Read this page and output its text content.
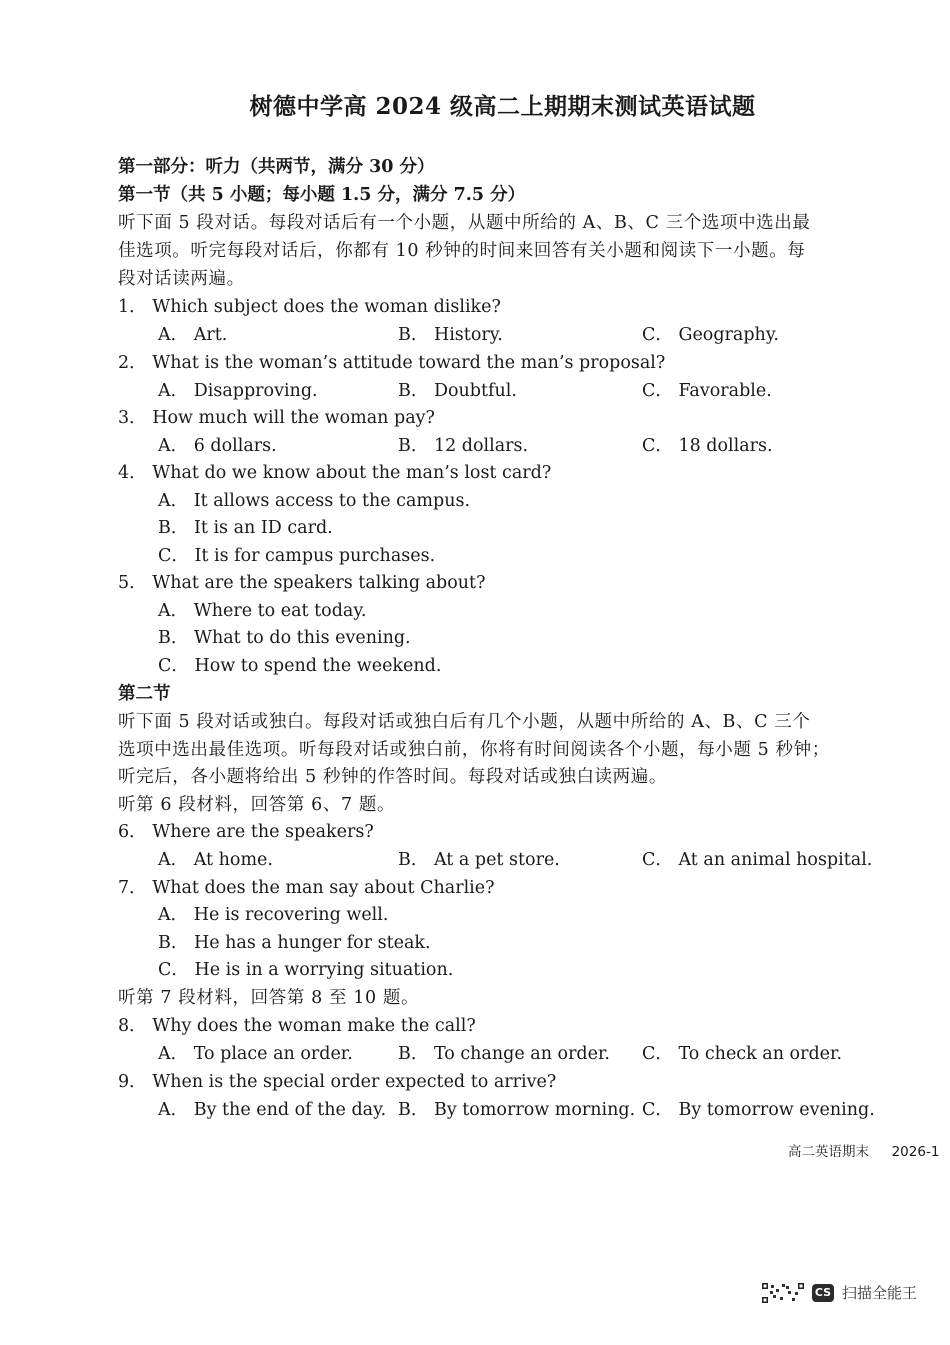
树德中学高 2024 级高二上期期末测试英语试题
第一部分：听力（共两节，满分 30 分）
第一节（共 5 小题；每小题 1.5 分，满分 7.5 分）
听下面 5 段对话。每段对话后有一个小题，从题中所给的 A、B、C 三个选项中选出最
佳选项。听完每段对话后，你都有 10 秒钟的时间来回答有关小题和阅读下一小题。每
段对话读两遍。
1． Which subject does the woman dislike?
A． Art.	B． History.	C． Geography.
2． What is the woman’s attitude toward the man’s proposal?
A． Disapproving.	B． Doubtful.	C． Favorable.
3． How much will the woman pay?
A． 6 dollars.	B． 12 dollars.	C． 18 dollars.
4． What do we know about the man’s lost card?
A． It allows access to the campus.
B． It is an ID card.
C． It is for campus purchases.
5． What are the speakers talking about?
A． Where to eat today.
B． What to do this evening.
C． How to spend the weekend.
第二节
听下面 5 段对话或独白。每段对话或独白后有几个小题，从题中所给的 A、B、C 三个
选项中选出最佳选项。听每段对话或独白前，你将有时间阅读各个小题，每小题 5 秒钟；
听完后，各小题将给出 5 秒钟的作答时间。每段对话或独白读两遍。
听第 6 段材料，回答第 6、7 题。
6． Where are the speakers?
A． At home.	B． At a pet store.	C． At an animal hospital.
7． What does the man say about Charlie?
A． He is recovering well.
B． He has a hunger for steak.
C． He is in a worrying situation.
听第 7 段材料，回答第 8 至 10 题。
8． Why does the woman make the call?
A． To place an order.	B． To change an order. C． To check an order.
9． When is the special order expected to arrive?
A． By the end of the day. B． By tomorrow morning. C． By tomorrow evening.
高二英语期末 2026-1
CS 扫描全能王
